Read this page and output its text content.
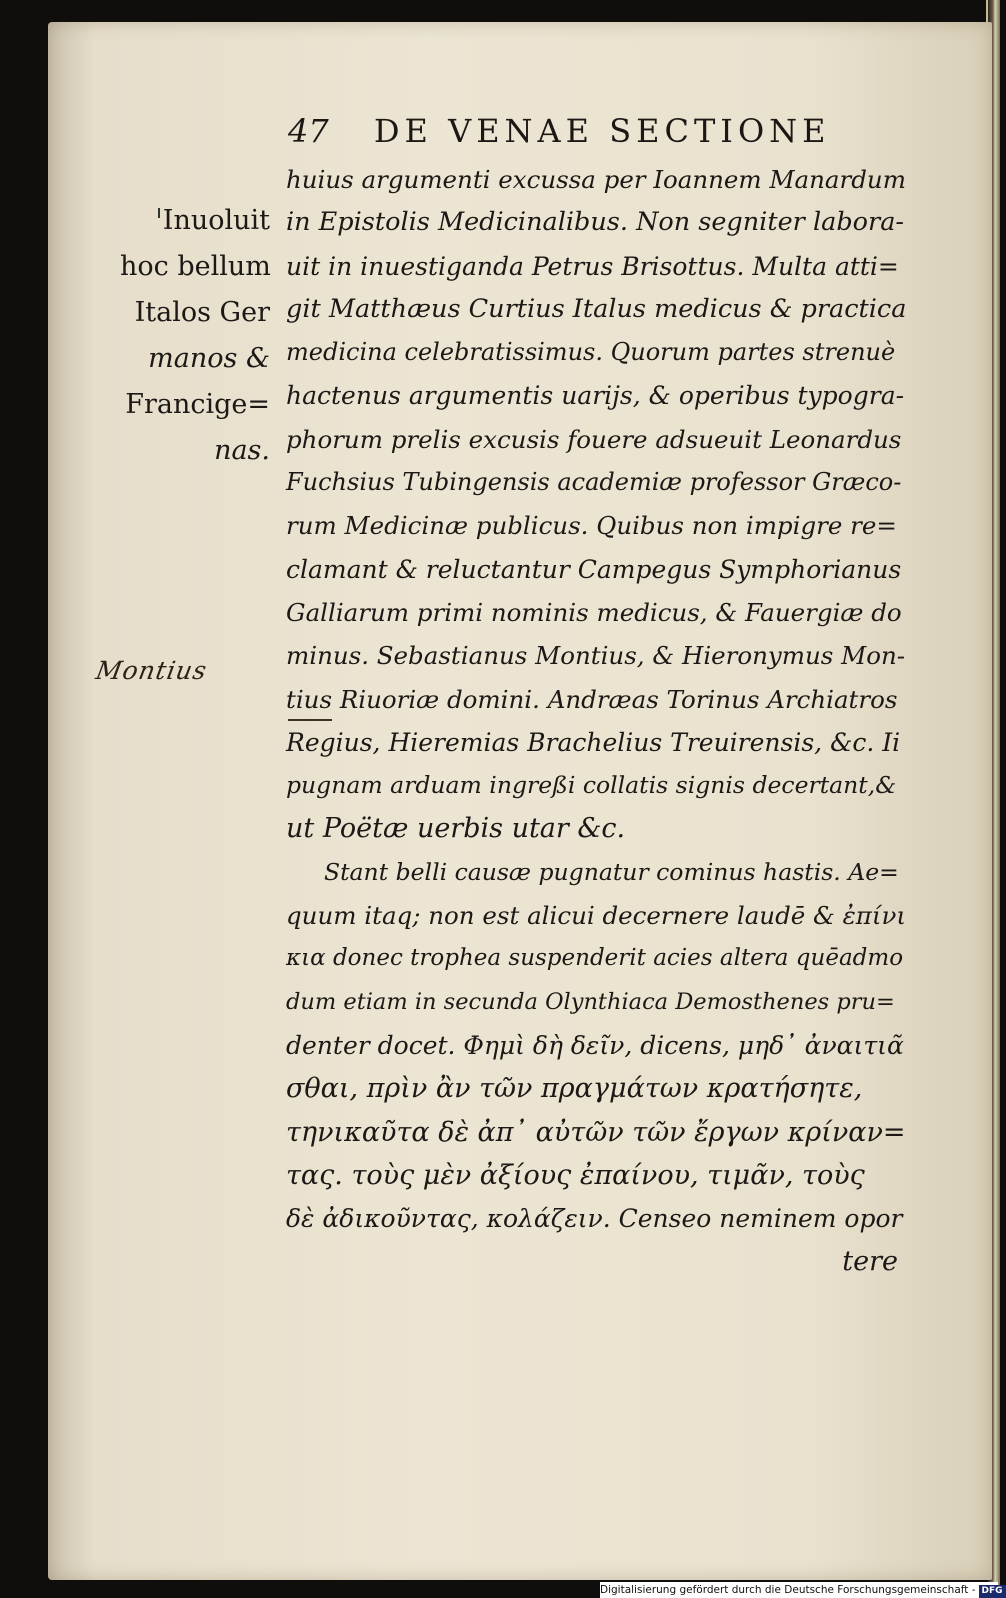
47 DE VENAE SECTIONE
Inuoluit
hoc bellum
Italos Ger
manos &
Francige=
nas.
Montius
huius argumenti excussa per Ioannem Manardum
in Epistolis Medicinalibus. Non segniter labora-
uit in inuestiganda Petrus Brisottus. Multa atti=
git Matthæus Curtius Italus medicus & practica
medicina celebratissimus. Quorum partes strenuè
hactenus argumentis uarijs, & operibus typogra-
phorum prelis excusis fouere adsueuit Leonardus
Fuchsius Tubingensis academiæ professor Græco-
rum Medicinæ publicus. Quibus non impigre re=
clamant & reluctantur Campegus Symphorianus
Galliarum primi nominis medicus, & Fauergiæ do
minus. Sebastianus Montius, & Hieronymus Mon-
tius Riuoriæ domini. Andræas Torinus Archiatros
Regius, Hieremias Brachelius Treuirensis, &c. Ii
pugnam arduam ingreßi collatis signis decertant,&
ut Poëtæ uerbis utar &c.
Stant belli causæ pugnatur cominus hastis. Ae=
quum itaq; non est alicui decernere laudē & ἐπίνι
κια donec trophea suspenderit acies altera quēadmo
dum etiam in secunda Olynthiaca Demosthenes pru=
denter docet. Φημὶ δὴ δεῖν, dicens, μηδ᾽ ἀναιτιᾶ
σθαι, πρὶν ἂν τῶν πραγμάτων κρατήσητε,
τηνικαῦτα δὲ ἀπ᾽ αὐτῶν τῶν ἔργων κρίναν=
τας. τοὺς μὲν ἀξίους ἐπαίνου, τιμᾶν, τοὺς
δὲ ἀδικοῦντας, κολάζειν. Censeo neminem opor
tere
Digitalisierung gefördert durch die Deutsche Forschungsgemeinschaft - DFG
